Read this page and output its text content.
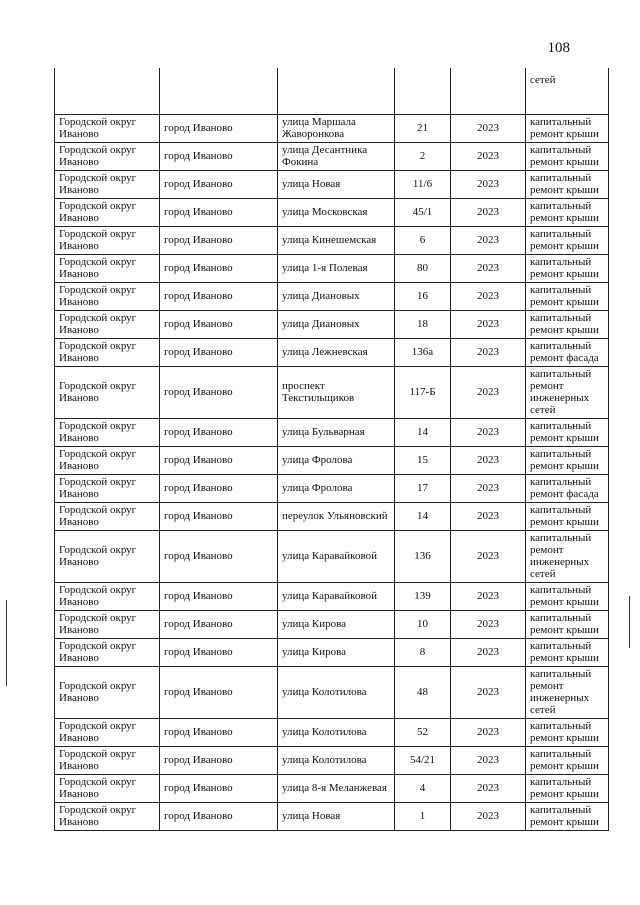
108
					сетей
Городской округ Иваново	город Иваново	улица Маршала Жаворонкова	21	2023	капитальный ремонт крыши
Городской округ Иваново	город Иваново	улица Десантника Фокина	2	2023	капитальный ремонт крыши
Городской округ Иваново	город Иваново	улица Новая	11/6	2023	капитальный ремонт крыши
Городской округ Иваново	город Иваново	улица Московская	45/1	2023	капитальный ремонт крыши
Городской округ Иваново	город Иваново	улица Кинешемская	6	2023	капитальный ремонт крыши
Городской округ Иваново	город Иваново	улица 1-я Полевая	80	2023	капитальный ремонт крыши
Городской округ Иваново	город Иваново	улица Диановых	16	2023	капитальный ремонт крыши
Городской округ Иваново	город Иваново	улица Диановых	18	2023	капитальный ремонт крыши
Городской округ Иваново	город Иваново	улица Лежневская	136а	2023	капитальный ремонт фасада
Городской округ Иваново	город Иваново	проспект Текстильщиков	117-Б	2023	капитальный ремонт инженерных сетей
Городской округ Иваново	город Иваново	улица Бульварная	14	2023	капитальный ремонт крыши
Городской округ Иваново	город Иваново	улица Фролова	15	2023	капитальный ремонт крыши
Городской округ Иваново	город Иваново	улица Фролова	17	2023	капитальный ремонт фасада
Городской округ Иваново	город Иваново	переулок Ульяновский	14	2023	капитальный ремонт крыши
Городской округ Иваново	город Иваново	улица Каравайковой	136	2023	капитальный ремонт инженерных сетей
Городской округ Иваново	город Иваново	улица Каравайковой	139	2023	капитальный ремонт крыши
Городской округ Иваново	город Иваново	улица Кирова	10	2023	капитальный ремонт крыши
Городской округ Иваново	город Иваново	улица Кирова	8	2023	капитальный ремонт крыши
Городской округ Иваново	город Иваново	улица Колотилова	48	2023	капитальный ремонт инженерных сетей
Городской округ Иваново	город Иваново	улица Колотилова	52	2023	капитальный ремонт крыши
Городской округ Иваново	город Иваново	улица Колотилова	54/21	2023	капитальный ремонт крыши
Городской округ Иваново	город Иваново	улица 8-я Меланжевая	4	2023	капитальный ремонт крыши
Городской округ Иваново	город Иваново	улица Новая	1	2023	капитальный ремонт крыши
